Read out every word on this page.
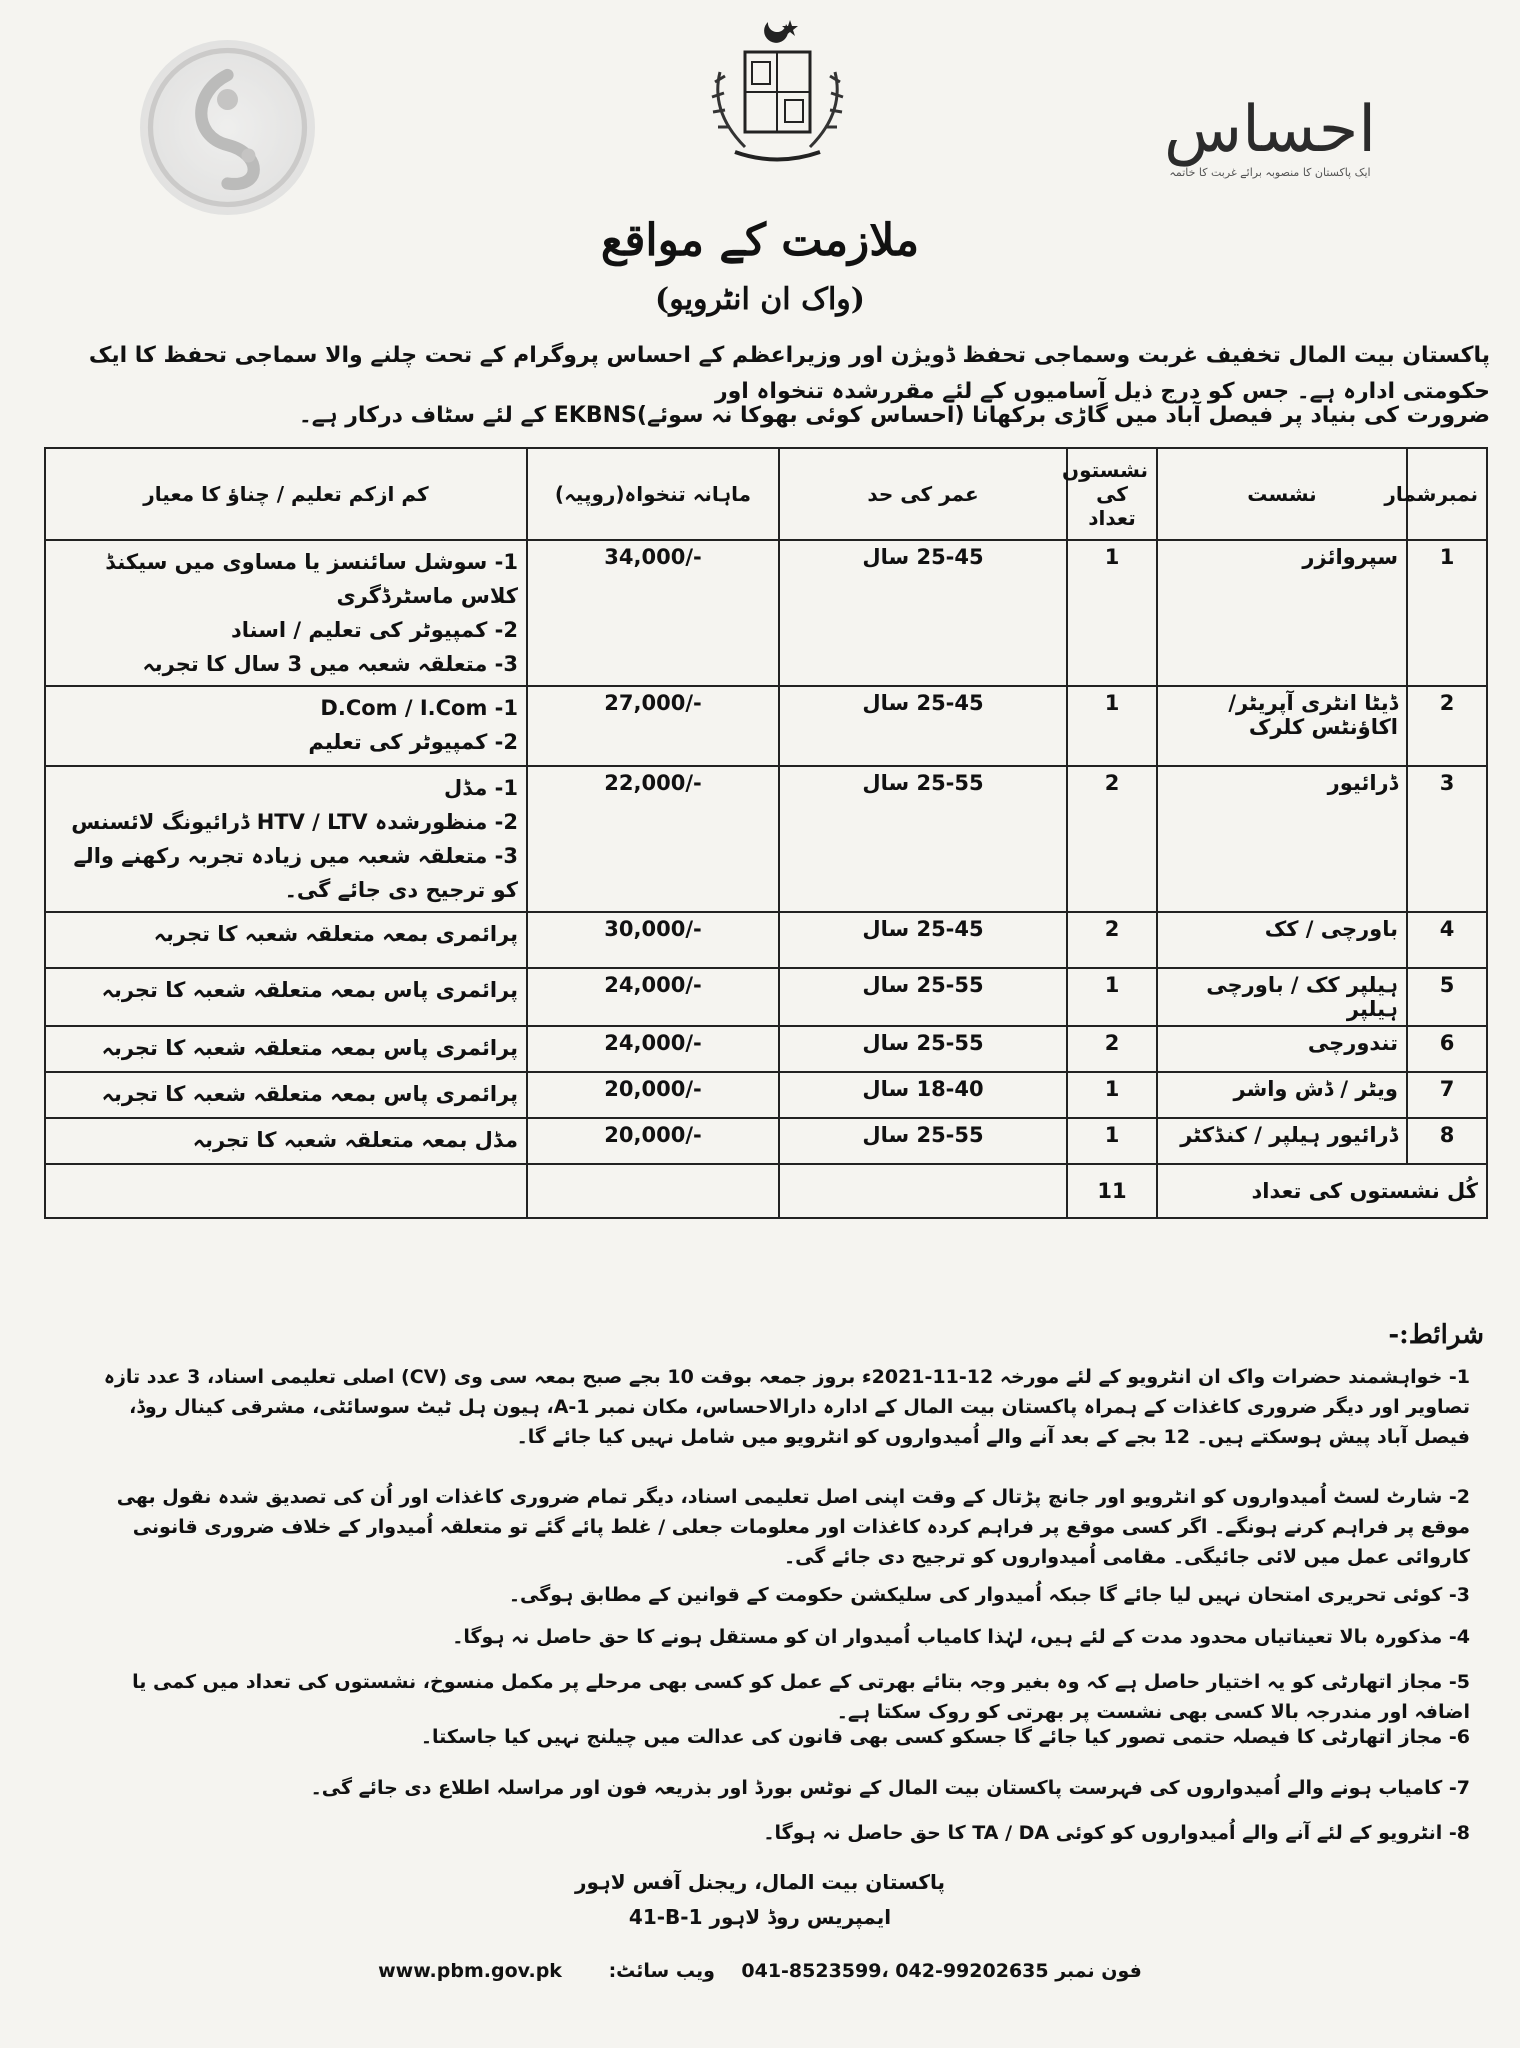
احساس
ایک پاکستان کا منصوبہ برائے غربت کا خاتمہ
ملازمت کے مواقع
(واک ان انٹرویو)
پاکستان بیت المال تخفیف غربت وسماجی تحفظ ڈویژن اور وزیراعظم کے احساس پروگرام کے تحت چلنے والا سماجی تحفظ کا ایک حکومتی ادارہ ہے۔ جس کو درج ذیل آسامیوں کے لئے مقررشدہ تنخواہ اور
ضرورت کی بنیاد پر فیصل آباد میں گاڑی برکھانا (احساس کوئی بھوکا نہ سوئے)EKBNS کے لئے سٹاف درکار ہے۔
کم ازکم تعلیم / چناؤ کا معیار	ماہانہ تنخواہ(روپیہ)	عمر کی حد	نشستوں کی تعداد	نشست	نمبرشمار

1- سوشل سائنسز یا مساوی میں سیکنڈ کلاس ماسٹرڈگری
2- کمپیوٹر کی تعلیم / اسناد
3- متعلقہ شعبہ میں 3 سال کا تجربہ	34,000/-	25-45 سال	1	سپروائزر	1

1- D.Com / I.Com
2- کمپیوٹر کی تعلیم	27,000/-	25-45 سال	1	ڈیٹا انٹری آپریٹر/ اکاؤنٹس کلرک	2

1- مڈل
2- منظورشدہ HTV / LTV ڈرائیونگ لائسنس
3- متعلقہ شعبہ میں زیادہ تجربہ رکھنے والے کو ترجیح دی جائے گی۔	22,000/-	25-55 سال	2	ڈرائیور	3

پرائمری بمعہ متعلقہ شعبہ کا تجربہ	30,000/-	25-45 سال	2	باورچی / کک	4

پرائمری پاس بمعہ متعلقہ شعبہ کا تجربہ	24,000/-	25-55 سال	1	ہیلپر کک / باورچی ہیلپر	5

پرائمری پاس بمعہ متعلقہ شعبہ کا تجربہ	24,000/-	25-55 سال	2	تندورچی	6

پرائمری پاس بمعہ متعلقہ شعبہ کا تجربہ	20,000/-	18-40 سال	1	ویٹر / ڈش واشر	7

مڈل بمعہ متعلقہ شعبہ کا تجربہ	20,000/-	25-55 سال	1	ڈرائیور ہیلپر / کنڈکٹر	8
			11	کُل نشستوں کی تعداد	
شرائط:-
1- خواہشمند حضرات واک ان انٹرویو کے لئے مورخہ 12-11-2021ء بروز جمعہ بوقت 10 بجے صبح بمعہ سی وی (CV) اصلی تعلیمی اسناد، 3 عدد تازہ تصاویر اور دیگر ضروری کاغذات کے ہمراہ پاکستان بیت المال کے ادارہ دارالاحساس، مکان نمبر A-1، ہیون ہل ٹیٹ سوسائٹی، مشرقی کینال روڈ، فیصل آباد پیش ہوسکتے ہیں۔ 12 بجے کے بعد آنے والے اُمیدواروں کو انٹرویو میں شامل نہیں کیا جائے گا۔
2- شارٹ لسٹ اُمیدواروں کو انٹرویو اور جانچ پڑتال کے وقت اپنی اصل تعلیمی اسناد، دیگر تمام ضروری کاغذات اور اُن کی تصدیق شدہ نقول بھی موقع پر فراہم کرنے ہونگے۔ اگر کسی موقع پر فراہم کردہ کاغذات اور معلومات جعلی / غلط پائے گئے تو متعلقہ اُمیدوار کے خلاف ضروری قانونی کاروائی عمل میں لائی جائیگی۔ مقامی اُمیدواروں کو ترجیح دی جائے گی۔
3- کوئی تحریری امتحان نہیں لیا جائے گا جبکہ اُمیدوار کی سلیکشن حکومت کے قوانین کے مطابق ہوگی۔
4- مذکورہ بالا تعیناتیاں محدود مدت کے لئے ہیں، لہٰذا کامیاب اُمیدوار ان کو مستقل ہونے کا حق حاصل نہ ہوگا۔
5- مجاز اتھارٹی کو یہ اختیار حاصل ہے کہ وہ بغیر وجہ بتائے بھرتی کے عمل کو کسی بھی مرحلے پر مکمل منسوخ، نشستوں کی تعداد میں کمی یا اضافہ اور مندرجہ بالا کسی بھی نشست پر بھرتی کو روک سکتا ہے۔
6- مجاز اتھارٹی کا فیصلہ حتمی تصور کیا جائے گا جسکو کسی بھی قانون کی عدالت میں چیلنج نہیں کیا جاسکتا۔
7- کامیاب ہونے والے اُمیدواروں کی فہرست پاکستان بیت المال کے نوٹس بورڈ اور بذریعہ فون اور مراسلہ اطلاع دی جائے گی۔
8- انٹرویو کے لئے آنے والے اُمیدواروں کو کوئی TA / DA کا حق حاصل نہ ہوگا۔
پاکستان بیت المال، ریجنل آفس لاہور
41-B-1 ایمپریس روڈ لاہور
www.pbm.gov.pk ویب سائٹ: 041-8523599، 042-99202635 فون نمبر
